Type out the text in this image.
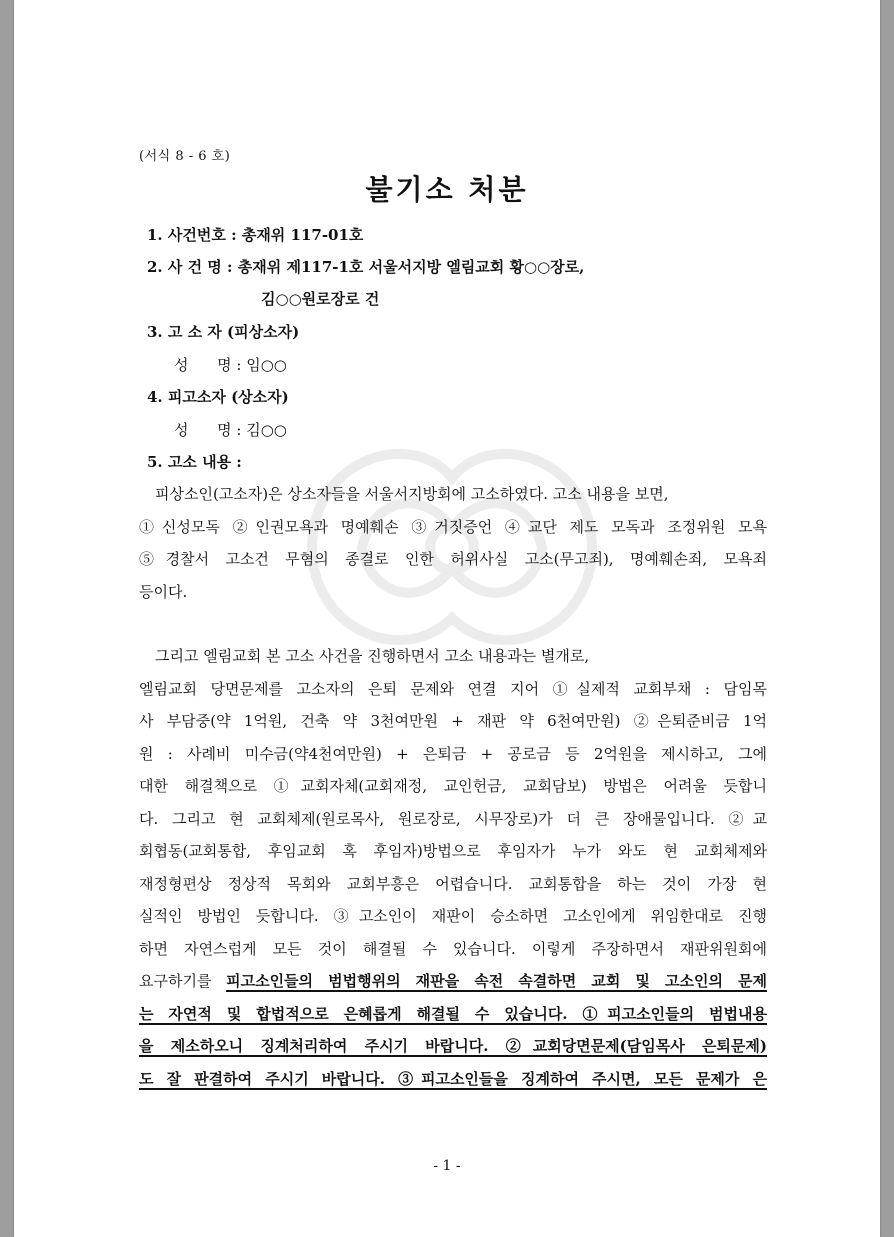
(서식 8 - 6 호)
불기소 처분
1. 사건번호 : 총재위 117-01호
2. 사 건 명 : 총재위 제117-1호 서울서지방 엘림교회 황○○장로,
김○○원로장로 건
3. 고 소 자 (피상소자)
성      명 : 임○○
4. 피고소자 (상소자)
성      명 : 김○○
5. 고소 내용 :
피상소인(고소자)은 상소자들을 서울서지방회에 고소하였다. 고소 내용을 보면,
①신성모독 ②인권모욕과 명예훼손 ③거짓증언 ④교단 제도 모독과 조정위원 모욕
⑤경찰서 고소건 무혐의 종결로 인한 허위사실 고소(무고죄), 명예훼손죄, 모욕죄
등이다.
그리고 엘림교회 본 고소 사건을 진행하면서 고소 내용과는 별개로,
엘림교회 당면문제를 고소자의 은퇴 문제와 연결 지어 ①실제적 교회부채 : 담임목
사 부담중(약 1억원, 건축 약 3천여만원 + 재판 약 6천여만원) ②은퇴준비금 1억
원 : 사례비 미수금(약4천여만원) + 은퇴금 + 공로금 등 2억원을 제시하고, 그에
대한 해결책으로 ①교회자체(교회재정, 교인헌금, 교회담보) 방법은 어려울 듯합니
다. 그리고 현 교회체제(원로목사, 원로장로, 시무장로)가 더 큰 장애물입니다. ②교
회협동(교회통합, 후임교회 혹 후임자)방법으로 후임자가 누가 와도 현 교회체제와
재정형편상 정상적 목회와 교회부흥은 어렵습니다. 교회통합을 하는 것이 가장 현
실적인 방법인 듯합니다. ③고소인이 재판이 승소하면 고소인에게 위임한대로 진행
하면 자연스럽게 모든 것이 해결될 수 있습니다. 이렇게 주장하면서 재판위원회에
요구하기를 피고소인들의 범법행위의 재판을 속전 속결하면 교회 및 고소인의 문제
는 자연적 및 합법적으로 은혜롭게 해결될 수 있습니다. ①피고소인들의 범법내용
을 제소하오니 징계처리하여 주시기 바랍니다. ②교회당면문제(담임목사 은퇴문제)
도 잘 판결하여 주시기 바랍니다. ③피고소인들을 징계하여 주시면, 모든 문제가 은
- 1 -
